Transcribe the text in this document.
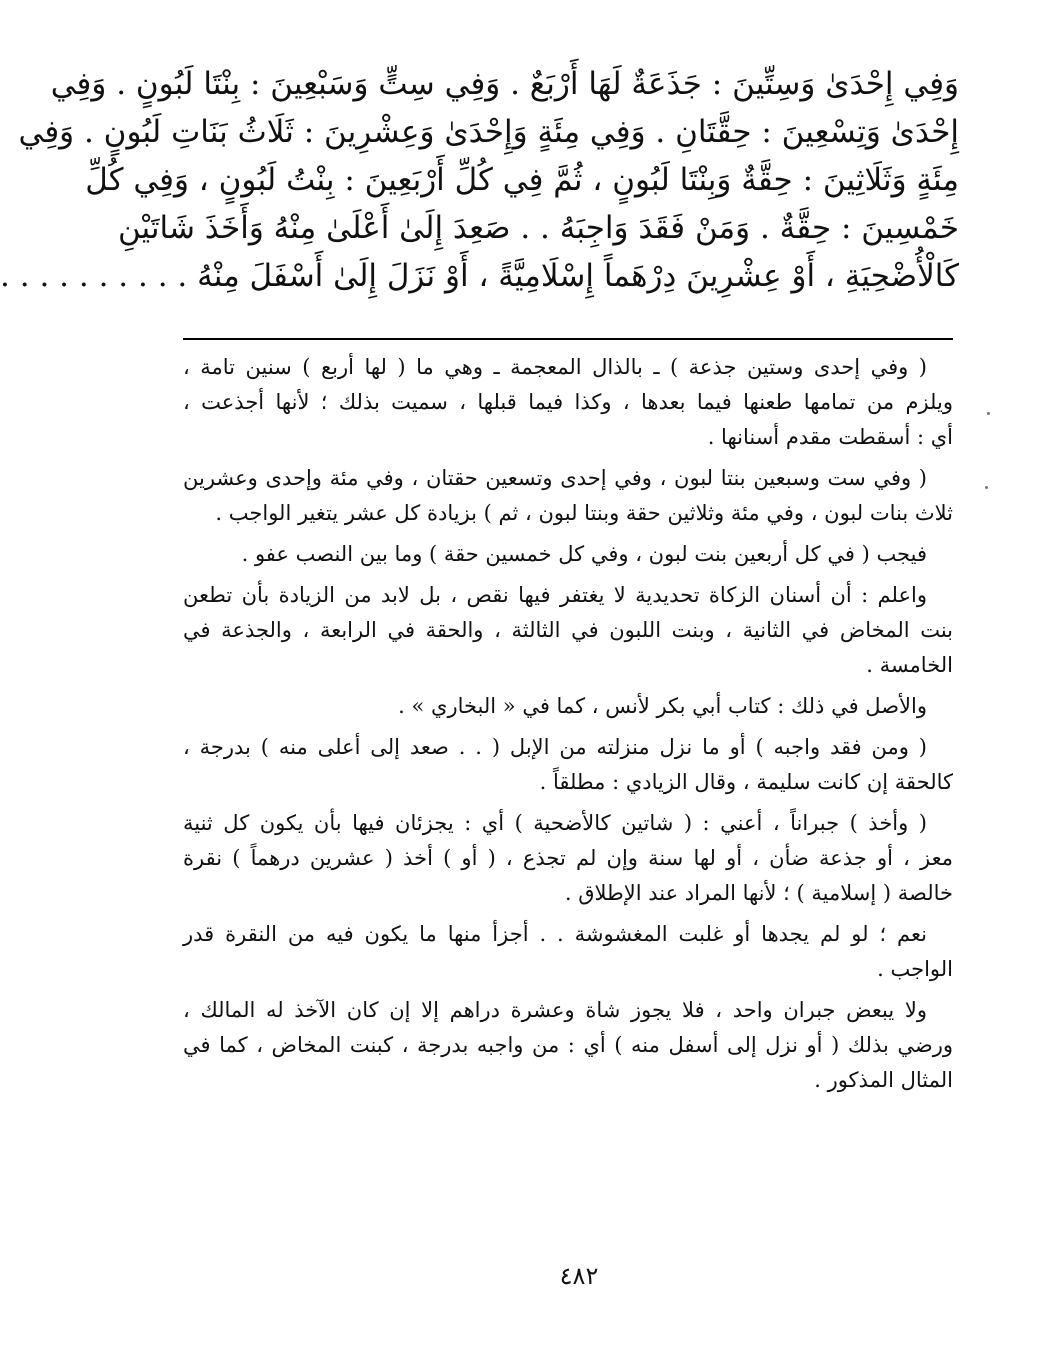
وَفِي إِحْدَىٰ وَسِتِّينَ : جَذَعَةٌ لَهَا أَرْبَعٌ . وَفِي سِتٍّ وَسَبْعِينَ : بِنْتَا لَبُونٍ . وَفِي
إِحْدَىٰ وَتِسْعِينَ : حِقَّتَانِ . وَفِي مِئَةٍ وَإِحْدَىٰ وَعِشْرِينَ : ثَلَاثُ بَنَاتِ لَبُونٍ . وَفِي
مِئَةٍ وَثَلَاثِينَ : حِقَّةٌ وَبِنْتَا لَبُونٍ ، ثُمَّ فِي كُلِّ أَرْبَعِينَ : بِنْتُ لَبُونٍ ، وَفِي كُلِّ
خَمْسِينَ : حِقَّةٌ . وَمَنْ فَقَدَ وَاجِبَهُ . . صَعِدَ إِلَىٰ أَعْلَىٰ مِنْهُ وَأَخَذَ شَاتَيْنِ
كَالْأُضْحِيَةِ ، أَوْ عِشْرِينَ دِرْهَماً إِسْلَامِيَّةً ، أَوْ نَزَلَ إِلَىٰ أَسْفَلَ مِنْهُ . . . . . . . . . .

( وفي إحدى وستين جذعة ) ـ بالذال المعجمة ـ وهي ما ( لها أربع ) سنين تامة ،
ويلزم من تمامها طعنها فيما بعدها ، وكذا فيما قبلها ، سميت بذلك ؛ لأنها أجذعت ،
أي : أسقطت مقدم أسنانها .

( وفي ست وسبعين بنتا لبون ، وفي إحدى وتسعين حقتان ، وفي مئة وإحدى وعشرين
ثلاث بنات لبون ، وفي مئة وثلاثين حقة وبنتا لبون ، ثم ) بزيادة كل عشر يتغير الواجب .

فيجب ( في كل أربعين بنت لبون ، وفي كل خمسين حقة ) وما بين النصب عفو .

واعلم : أن أسنان الزكاة تحديدية لا يغتفر فيها نقص ، بل لابد من الزيادة بأن تطعن
بنت المخاض في الثانية ، وبنت اللبون في الثالثة ، والحقة في الرابعة ، والجذعة في
الخامسة .

والأصل في ذلك : كتاب أبي بكر لأنس ، كما في « البخاري » .

( ومن فقد واجبه ) أو ما نزل منزلته من الإبل ( . . صعد إلى أعلى منه ) بدرجة ،
كالحقة إن كانت سليمة ، وقال الزيادي : مطلقاً .

( وأخذ ) جبراناً ، أعني : ( شاتين كالأضحية ) أي : يجزئان فيها بأن يكون كل ثنية
معز ، أو جذعة ضأن ، أو لها سنة وإن لم تجذع ، ( أو ) أخذ ( عشرين درهماً ) نقرة
خالصة ( إسلامية ) ؛ لأنها المراد عند الإطلاق .

نعم ؛ لو لم يجدها أو غلبت المغشوشة . . أجزأ منها ما يكون فيه من النقرة قدر
الواجب .

ولا يبعض جبران واحد ، فلا يجوز شاة وعشرة دراهم إلا إن كان الآخذ له المالك ،
ورضي بذلك ( أو نزل إلى أسفل منه ) أي : من واجبه بدرجة ، كبنت المخاض ، كما في
المثال المذكور .

٤٨٢
